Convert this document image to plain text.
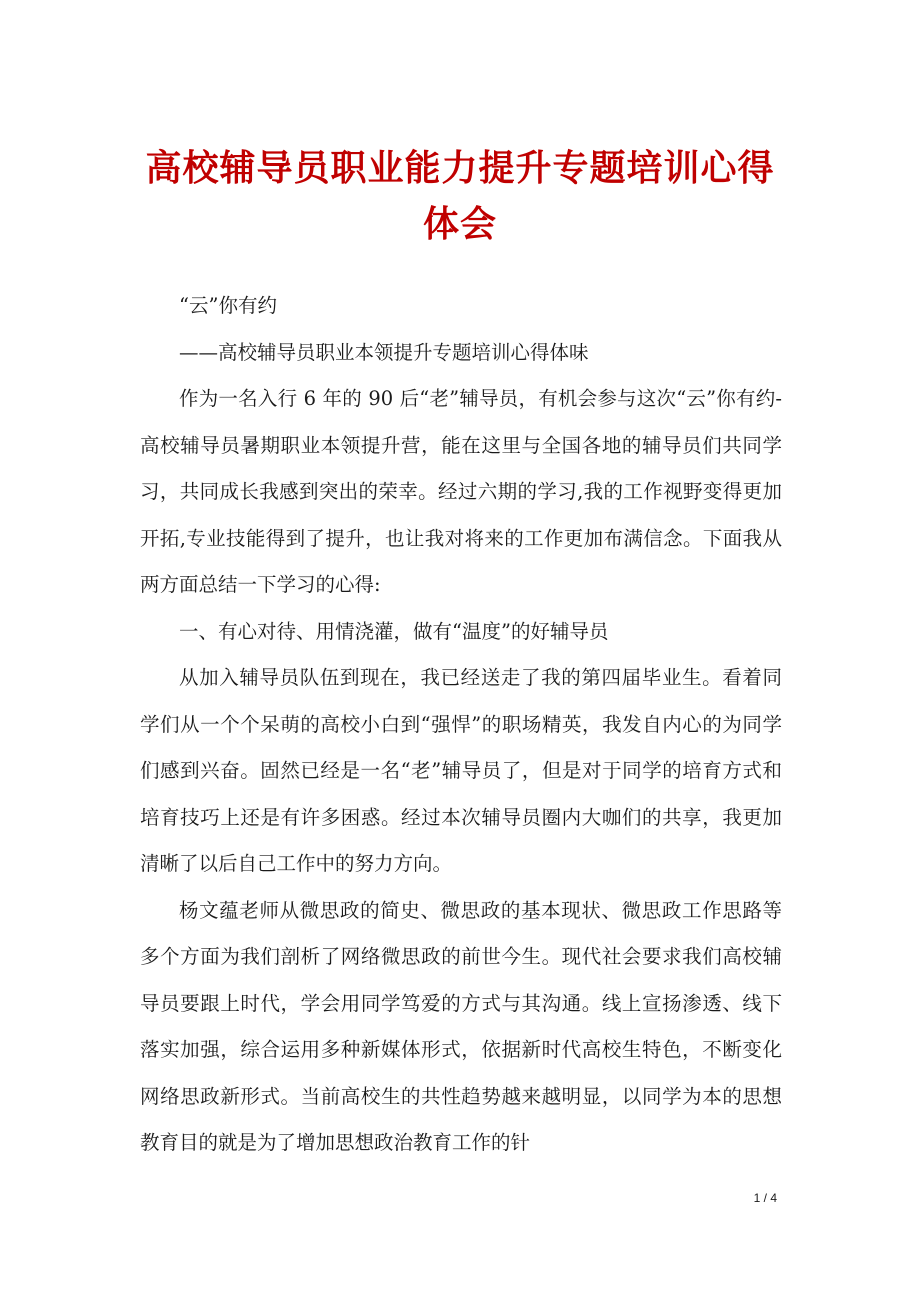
高校辅导员职业能力提升专题培训心得体会

“云”你有约

——高校辅导员职业本领提升专题培训心得体味

作为一名入行 6 年的 90 后“老”辅导员，有机会参与这次“云”你有约-高校辅导员暑期职业本领提升营，能在这里与全国各地的辅导员们共同学习，共同成长我感到突出的荣幸。经过六期的学习,我的工作视野变得更加开拓,专业技能得到了提升，也让我对将来的工作更加布满信念。下面我从两方面总结一下学习的心得:

一、有心对待、用情浇灌，做有“温度”的好辅导员

从加入辅导员队伍到现在，我已经送走了我的第四届毕业生。看着同学们从一个个呆萌的高校小白到“强悍”的职场精英，我发自内心的为同学们感到兴奋。固然已经是一名“老”辅导员了，但是对于同学的培育方式和培育技巧上还是有许多困惑。经过本次辅导员圈内大咖们的共享，我更加清晰了以后自己工作中的努力方向。

杨文蕴老师从微思政的简史、微思政的基本现状、微思政工作思路等多个方面为我们剖析了网络微思政的前世今生。现代社会要求我们高校辅导员要跟上时代，学会用同学笃爱的方式与其沟通。线上宣扬渗透、线下落实加强，综合运用多种新媒体形式，依据新时代高校生特色，不断变化网络思政新形式。当前高校生的共性趋势越来越明显，以同学为本的思想教育目的就是为了增加思想政治教育工作的针

1 / 4
